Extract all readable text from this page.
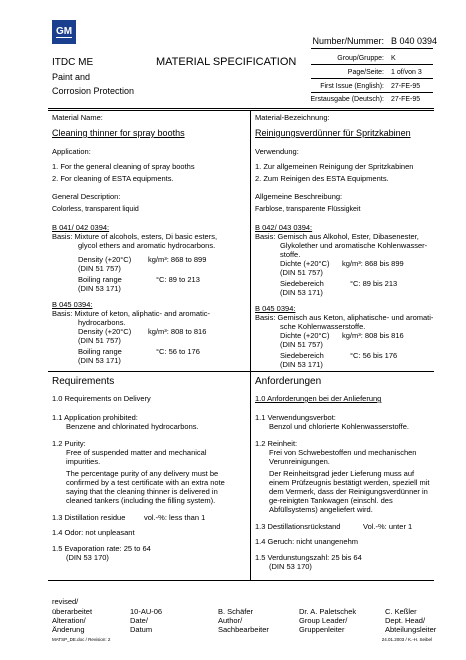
GM
ITDC ME
Paint and
Corrosion Protection
MATERIAL SPECIFICATION
Number/Nummer: B 040 0394
Group/Gruppe: K
Page/Seite: 1 of/von 3
First Issue (English): 27-FE-95
Erstausgabe (Deutsch): 27-FE-95
Material Name:
Cleaning thinner for spray booths
Application:
1. For the general cleaning of spray booths
2. For cleaning of ESTA equipments.
General Description:
Colorless, transparent liquid
B 041/ 042 0394:
Basis: Mixture of alcohols, esters, Di basic esters,
glycol ethers and aromatic hydrocarbons.
Density (+20°C)	kg/m³: 868 to 899
(DIN 51 757)
Boiling range	°C: 89 to 213
(DIN 53 171)
B 045 0394:
Basis: Mixture of keton, aliphatic- and aromatic-
hydrocarbons.
Density (+20°C)	kg/m³: 808 to 816
(DIN 51 757)
Boiling range	°C: 56 to 176
(DIN 53 171)
Requirements
1.0 Requirements on Delivery
1.1 Application prohibited:
Benzene and chlorinated hydrocarbons.
1.2 Purity:
Free of suspended matter and mechanical impurities.
The percentage purity of any delivery must be confirmed by a test certificate with an extra note saying that the cleaning thinner is delivered in cleaned tankers (including the filling system).
1.3 Distillation residue	vol.-%: less than 1
1.4 Odor: not unpleasant
1.5 Evaporation rate: 25 to 64
(DIN 53 170)
Material-Bezeichnung:
Reinigungsverdünner für Spritzkabinen
Verwendung:
1. Zur allgemeinen Reinigung der Spritzkabinen
2. Zum Reinigen des ESTA Equipments.
Allgemeine Beschreibung:
Farblose, transparente Flüssigkeit
B 042/ 043 0394:
Basis: Gemisch aus Alkohol, Ester, Dibasenester,
Glykolether und aromatische Kohlenwasser-
stoffe.
Dichte (+20°C)	kg/m³: 868 bis 899
(DIN 51 757)
Siedebereich	°C: 89 bis 213
(DIN 53 171)
B 045 0394:
Basis: Gemisch aus Keton, aliphatische- und aromati-
sche Kohlenwasserstoffe.
Dichte (+20°C)	kg/m³: 808 bis 816
(DIN 51 757)
Siedebereich	°C: 56 bis 176
(DIN 53 171)
Anforderungen
1.0 Anforderungen bei der Anlieferung
1.1 Verwendungsverbot:
Benzol und chlorierte Kohlenwasserstoffe.
1.2 Reinheit:
Frei von Schwebestoffen und mechanischen Verunreinigungen.
Der Reinheitsgrad jeder Lieferung muss auf einem Prüfzeugnis bestätigt werden, speziell mit dem Vermerk, dass der Reinigungsverdünner in ge-reinigten Tankwagen (einschl. des Abfüllsystems) angeliefert wird.
1.3 Destillationsrückstand	Vol.-%: unter 1
1.4 Geruch: nicht unangenehm
1.5 Verdunstungszahl: 25 bis 64
(DIN 53 170)
revised/
überarbeitet
Alteration/
Änderung
10-AU-06
Date/
Datum
B. Schäfer
Author/
Sachbearbeiter
Dr. A. Paletschek
Group Leader/
Gruppenleiter
C. Keßler
Dept. Head/
Abteilungsleiter
MATSP_DE.doc / Revision: 2	24.01.2003 / K.-H. Seibel
